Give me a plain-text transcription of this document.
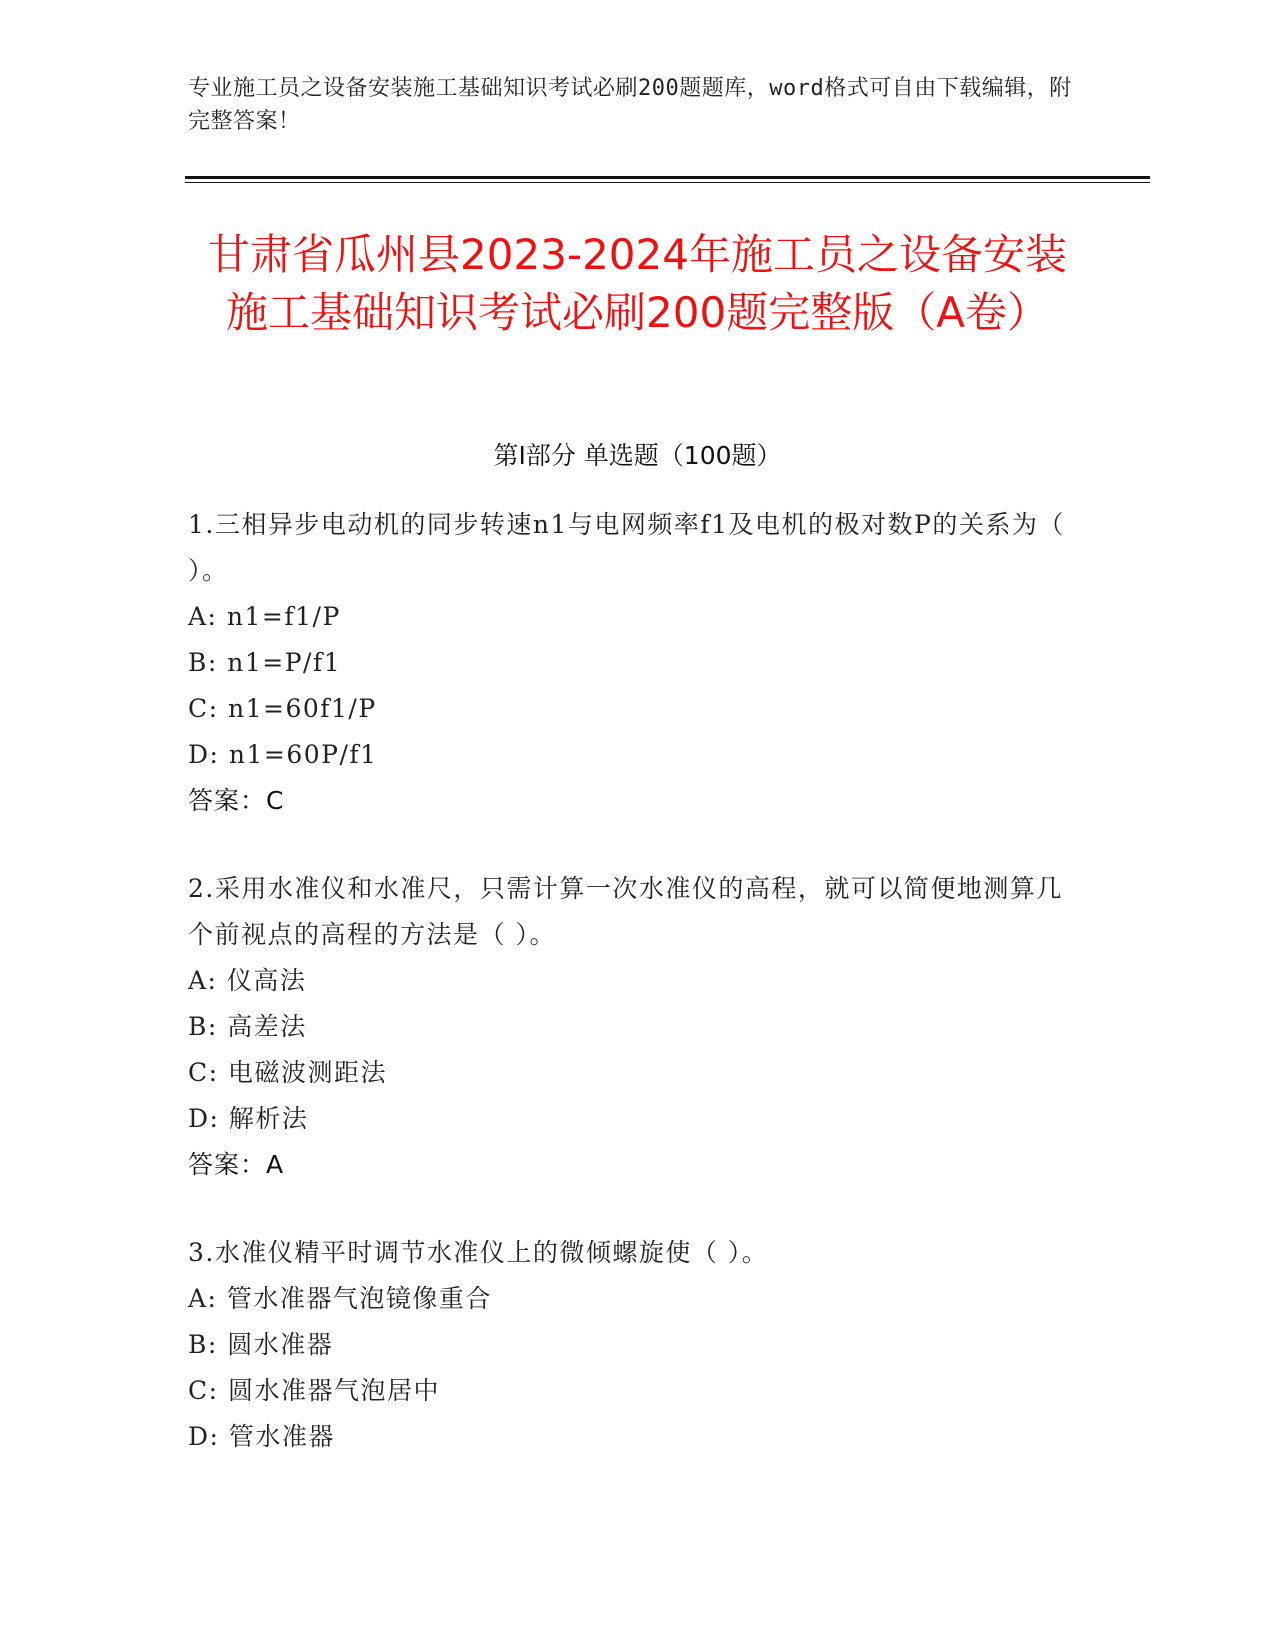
专业施工员之设备安装施工基础知识考试必刷200题题库，word格式可自由下载编辑，附完整答案！
甘肃省瓜州县2023-2024年施工员之设备安装施工基础知识考试必刷200题完整版（A卷）
第I部分 单选题（100题）
1.三相异步电动机的同步转速n1与电网频率f1及电机的极对数P的关系为（ ）。
A: n1=f1/P
B: n1=P/f1
C: n1=60f1/P
D: n1=60P/f1
答案：C
2.采用水准仪和水准尺，只需计算一次水准仪的高程，就可以简便地测算几个前视点的高程的方法是（ ）。
A: 仪高法
B: 高差法
C: 电磁波测距法
D: 解析法
答案：A
3.水准仪精平时调节水准仪上的微倾螺旋使（ ）。
A: 管水准器气泡镜像重合
B: 圆水准器
C: 圆水准器气泡居中
D: 管水准器
